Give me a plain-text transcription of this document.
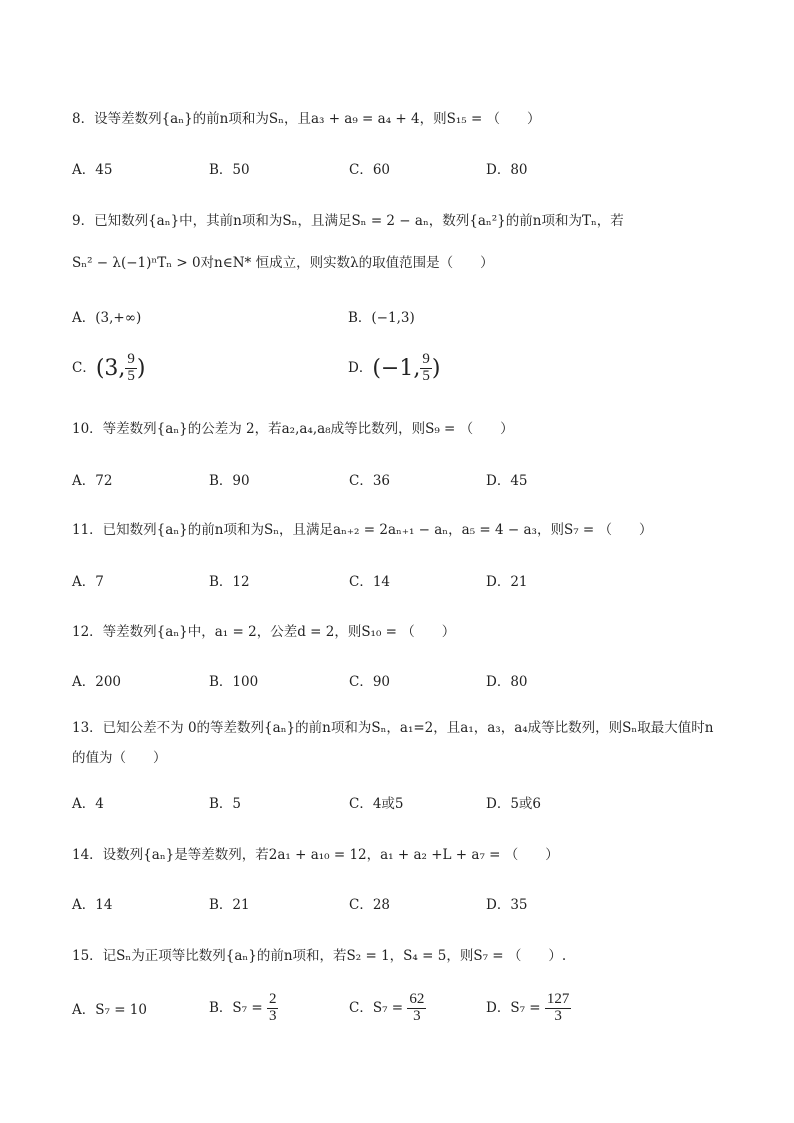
8．设等差数列{aₙ}的前n项和为Sₙ，且a₃ + a₉ = a₄ + 4，则S₁₅ = （　　）
A．45	B．50	C．60	D．80
9．已知数列{aₙ}中，其前n项和为Sₙ，且满足Sₙ = 2 − aₙ，数列{aₙ²}的前n项和为Tₙ，若
Sₙ² − λ(−1)ⁿTₙ > 0对n∈N* 恒成立，则实数λ的取值范围是（　　）
A．(3,+∞)	B．(−1,3)
C．(3, $\frac{9}{5}$ )	D．(−1, $\frac{9}{5}$ )
10．等差数列{aₙ}的公差为 2，若a₂,a₄,a₈成等比数列，则S₉ = （　　）
A．72	B．90	C．36	D．45
11．已知数列{aₙ}的前n项和为Sₙ，且满足aₙ₊₂ = 2aₙ₊₁ − aₙ，a₅ = 4 − a₃，则S₇ = （　　）
A．7	B．12	C．14	D．21
12．等差数列{aₙ}中，a₁ = 2，公差d = 2，则S₁₀ = （　　）
A．200	B．100	C．90	D．80
13．已知公差不为 0的等差数列{aₙ}的前n项和为Sₙ，a₁=2，且a₁，a₃，a₄成等比数列，则Sₙ取最大值时n
的值为（　　）
A．4	B．5	C．4或5	D．5或6
14．设数列{aₙ}是等差数列，若2a₁ + a₁₀ = 12，a₁ + a₂ +L + a₇ = （　　）
A．14	B．21	C．28	D．35
15．记Sₙ为正项等比数列{aₙ}的前n项和，若S₂ = 1，S₄ = 5，则S₇ = （　　）.
A．S₇ = 10	B．$S_7 = \frac{2}{3}$	C．$S_7 = \frac{62}{3}$	D．$S_7 = \frac{127}{3}$
